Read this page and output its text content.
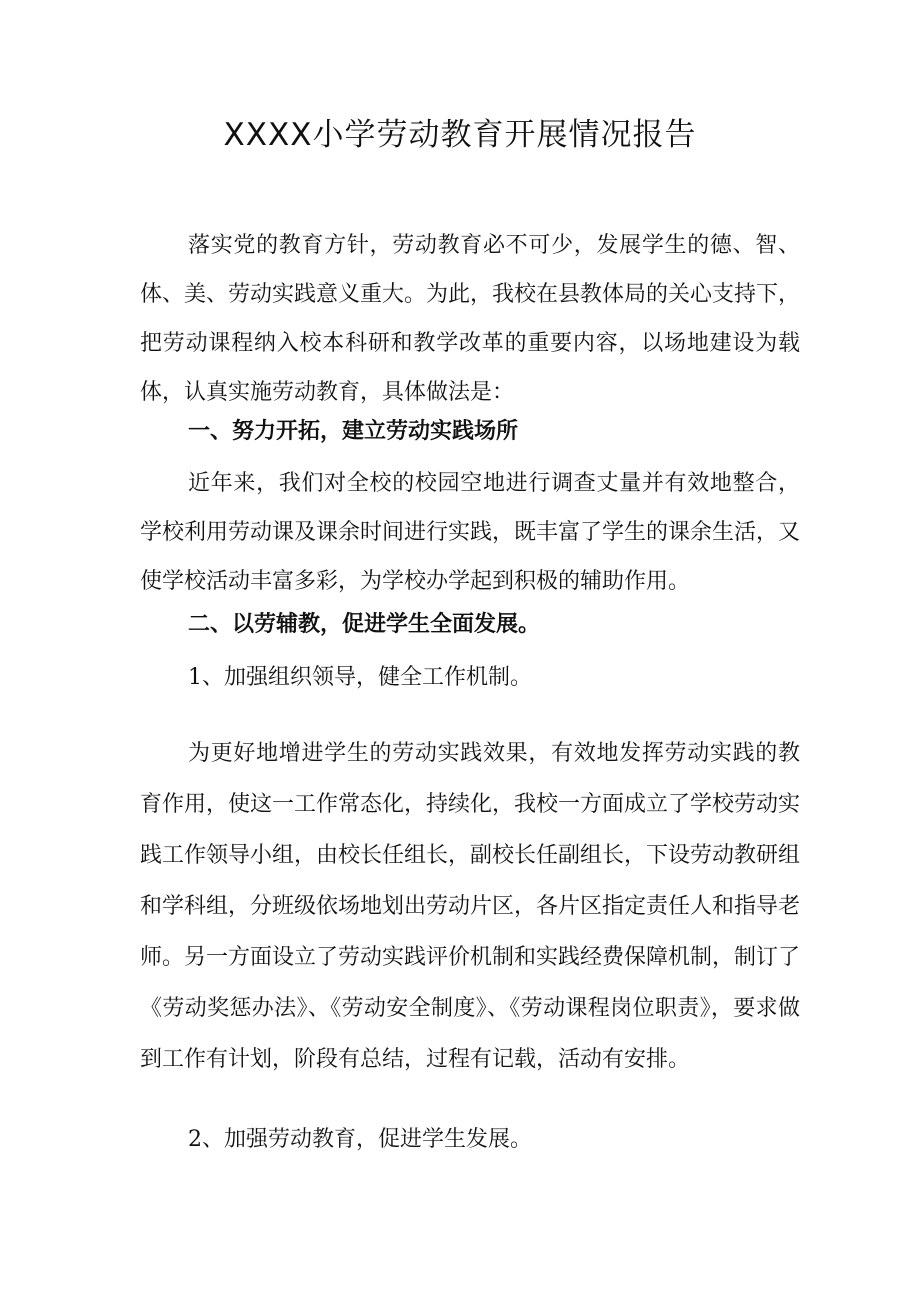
XXXX小学劳动教育开展情况报告

落实党的教育方针，劳动教育必不可少，发展学生的德、智、体、美、劳动实践意义重大。为此，我校在县教体局的关心支持下，把劳动课程纳入校本科研和教学改革的重要内容，以场地建设为载体，认真实施劳动教育，具体做法是：

一、努力开拓，建立劳动实践场所

近年来，我们对全校的校园空地进行调查丈量并有效地整合，学校利用劳动课及课余时间进行实践，既丰富了学生的课余生活，又使学校活动丰富多彩，为学校办学起到积极的辅助作用。

二、以劳辅教，促进学生全面发展。

1、加强组织领导，健全工作机制。

为更好地增进学生的劳动实践效果，有效地发挥劳动实践的教育作用，使这一工作常态化，持续化，我校一方面成立了学校劳动实践工作领导小组，由校长任组长，副校长任副组长，下设劳动教研组和学科组，分班级依场地划出劳动片区，各片区指定责任人和指导老师。另一方面设立了劳动实践评价机制和实践经费保障机制，制订了《劳动奖惩办法》、《劳动安全制度》、《劳动课程岗位职责》，要求做到工作有计划，阶段有总结，过程有记载，活动有安排。

2、加强劳动教育，促进学生发展。
